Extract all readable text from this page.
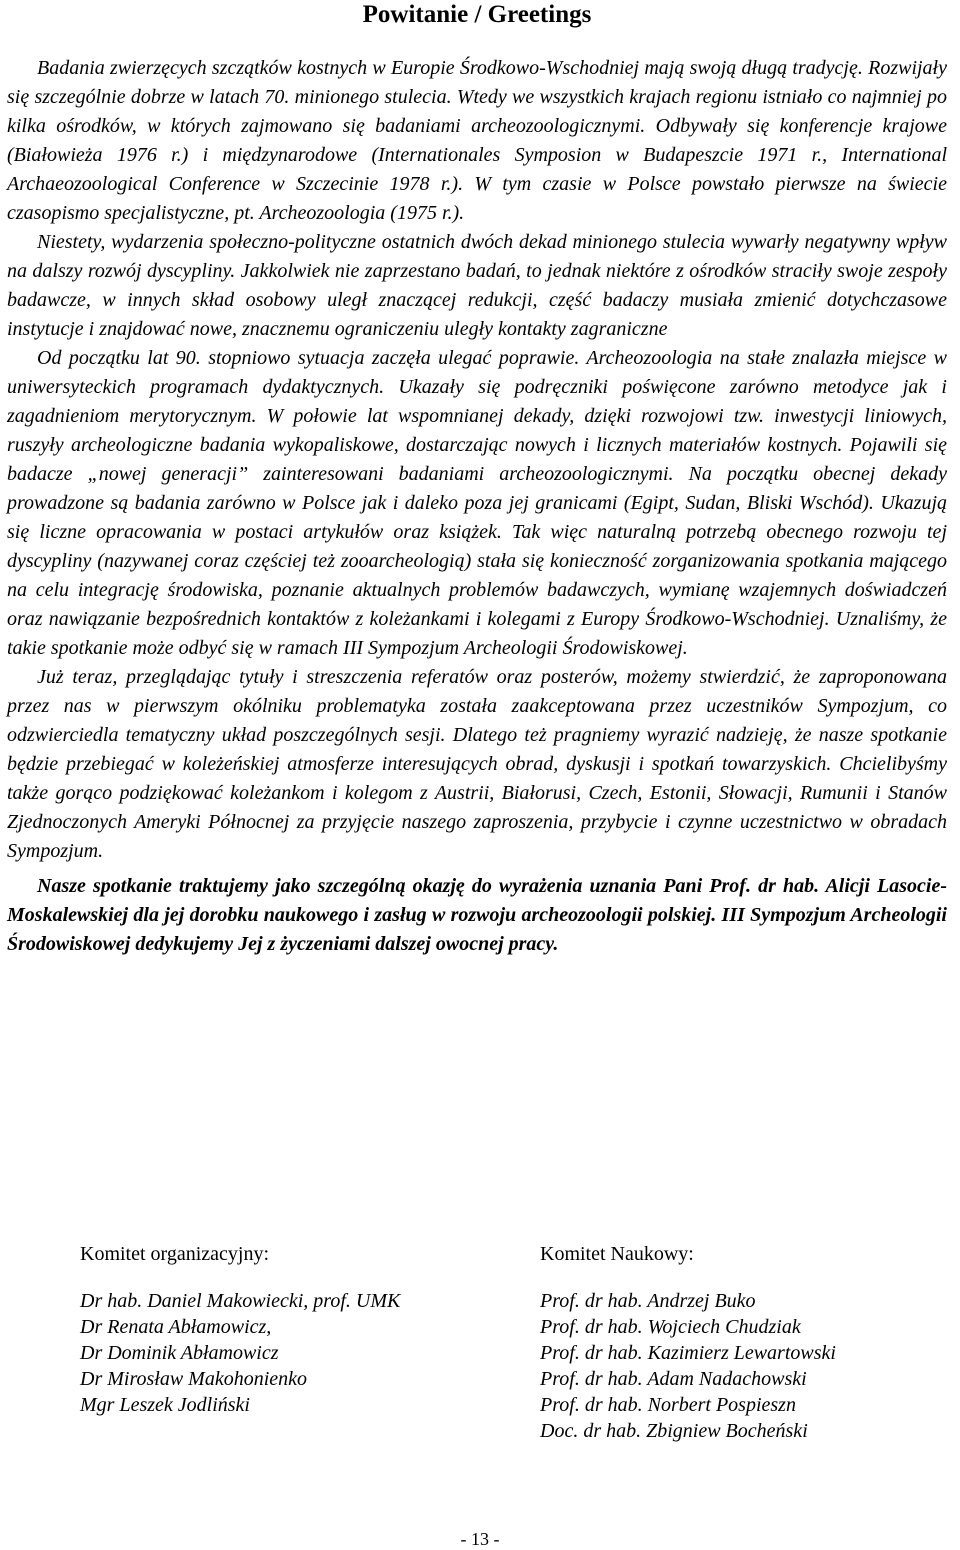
Powitanie / Greetings

Badania zwierzęcych szczątków kostnych w Europie Środkowo-Wschodniej mają swoją długą tradycję. Rozwijały się szczególnie dobrze w latach 70. minionego stulecia. Wtedy we wszystkich krajach regionu istniało co najmniej po kilka ośrodków, w których zajmowano się badaniami archeozoologicznymi. Odbywały się konferencje krajowe (Białowieża 1976 r.) i międzynarodowe (Internationales Symposion w Budapeszcie 1971 r., International Archaeozoological Conference w Szczecinie 1978 r.). W tym czasie w Polsce powstało pierwsze na świecie czasopismo specjalistyczne, pt. Archeozoologia (1975 r.).

Niestety, wydarzenia społeczno-polityczne ostatnich dwóch dekad minionego stulecia wywarły negatywny wpływ na dalszy rozwój dyscypliny. Jakkolwiek nie zaprzestano badań, to jednak niektóre z ośrodków straciły swoje zespoły badawcze, w innych skład osobowy uległ znaczącej redukcji, część badaczy musiała zmienić dotychczasowe instytucje i znajdować nowe, znacznemu ograniczeniu uległy kontakty zagraniczne

Od początku lat 90. stopniowo sytuacja zaczęła ulegać poprawie. Archeozoologia na stałe znalazła miejsce w uniwersyteckich programach dydaktycznych. Ukazały się podręczniki poświęcone zarówno metodyce jak i zagadnieniom merytorycznym. W połowie lat wspomnianej dekady, dzięki rozwojowi tzw. inwestycji liniowych, ruszyły archeologiczne badania wykopaliskowe, dostarczając nowych i licznych materiałów kostnych. Pojawili się badacze „nowej generacji” zainteresowani badaniami archeozoologicznymi. Na początku obecnej dekady prowadzone są badania zarówno w Polsce jak i daleko poza jej granicami (Egipt, Sudan, Bliski Wschód). Ukazują się liczne opracowania w postaci artykułów oraz książek. Tak więc naturalną potrzebą obecnego rozwoju tej dyscypliny (nazywanej coraz częściej też zooarcheologią) stała się konieczność zorganizowania spotkania mającego na celu integrację środowiska, poznanie aktualnych problemów badawczych, wymianę wzajemnych doświadczeń oraz nawiązanie bezpośrednich kontaktów z koleżankami i kolegami z Europy Środkowo-Wschodniej. Uznaliśmy, że takie spotkanie może odbyć się w ramach III Sympozjum Archeologii Środowiskowej.

Już teraz, przeglądając tytuły i streszczenia referatów oraz posterów, możemy stwierdzić, że zaproponowana przez nas w pierwszym okólniku problematyka została zaakceptowana przez uczestników Sympozjum, co odzwierciedla tematyczny układ poszczególnych sesji. Dlatego też pragniemy wyrazić nadzieję, że nasze spotkanie będzie przebiegać w koleżeńskiej atmosferze interesujących obrad, dyskusji i spotkań towarzyskich. Chcielibyśmy także gorąco podziękować koleżankom i kolegom z Austrii, Białorusi, Czech, Estonii, Słowacji, Rumunii i Stanów Zjednoczonych Ameryki Północnej za przyjęcie naszego zaproszenia, przybycie i czynne uczestnictwo w obradach Sympozjum.

Nasze spotkanie traktujemy jako szczególną okazję do wyrażenia uznania Pani Prof. dr hab. Alicji Lasocie-Moskalewskiej dla jej dorobku naukowego i zasług w rozwoju archeozoologii polskiej. III Sympozjum Archeologii Środowiskowej dedykujemy Jej z życzeniami dalszej owocnej pracy.

Komitet organizacyjny:
Dr hab. Daniel Makowiecki, prof. UMK
Dr Renata Abłamowicz,
Dr Dominik Abłamowicz
Dr Mirosław Makohonienko
Mgr Leszek Jodliński
Komitet Naukowy:
Prof. dr hab. Andrzej Buko
Prof. dr hab. Wojciech Chudziak
Prof. dr hab. Kazimierz Lewartowski
Prof. dr hab. Adam Nadachowski
Prof. dr hab. Norbert Pospieszn
Doc. dr hab. Zbigniew Bocheński
- 13 -
